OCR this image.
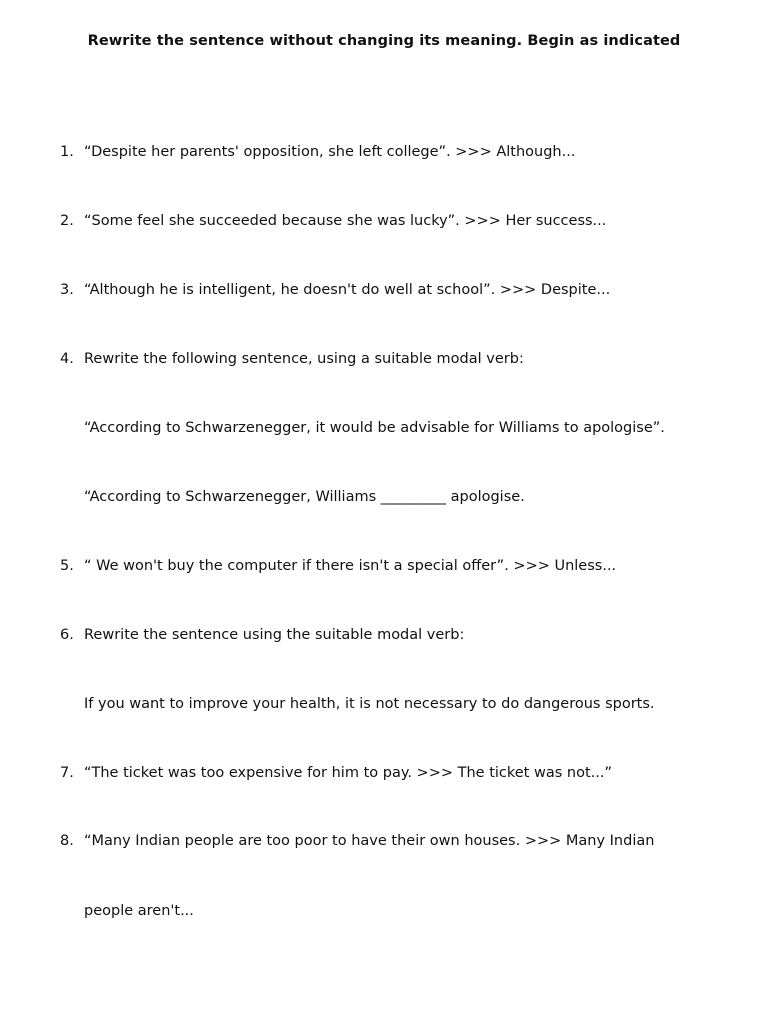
Rewrite the sentence without changing its meaning. Begin as indicated
1. “Despite her parents' opposition, she left college”. >>> Although...
2. “Some feel she succeeded because she was lucky”. >>> Her success...
3. “Although he is intelligent, he doesn't do well at school”. >>> Despite...
4. Rewrite the following sentence, using a suitable modal verb:
“According to Schwarzenegger, it would be advisable for Williams to apologise”.
“According to Schwarzenegger, Williams _________ apologise.
5. “ We won't buy the computer if there isn't a special offer”. >>> Unless...
6. Rewrite the sentence using the suitable modal verb:
If you want to improve your health, it is not necessary to do dangerous sports.
7. “The ticket was too expensive for him to pay. >>> The ticket was not...”
8. “Many Indian people are too poor to have their own houses. >>> Many Indian
people aren't...
